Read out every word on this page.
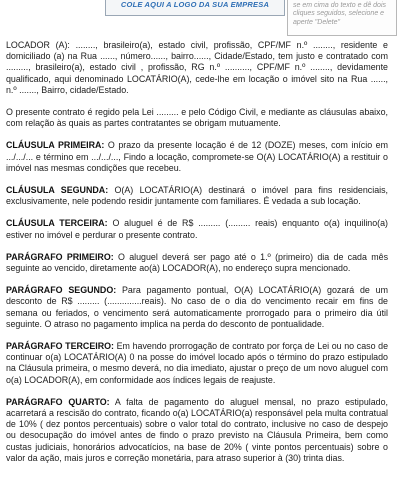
COLE AQUI A LOGO DA SUA EMPRESA	se em cima do texto e dê dois
cliques seguidos, selecione e
aperte "Delete"

LOCADOR (A): ........, brasileiro(a), estado civil, profissão, CPF/MF n.º ........, residente e domiciliado (a) na Rua ......, número......, bairro......, Cidade/Estado, tem justo e contratado com ........., brasileiro(a), estado civil , profissão, RG n.º .........., CPF/MF n.º ........, devidamente qualificado, aqui denominado LOCATÁRIO(A), cede-lhe em locação o imóvel sito na Rua ......, n.º ......., Bairro, cidade/Estado.

O presente contrato é regido pela Lei ......... e pelo Código Civil, e mediante as cláusulas abaixo, com relação às quais as partes contratantes se obrigam mutuamente.

CLÁUSULA PRIMEIRA: O prazo da presente locação é de 12 (DOZE) meses, com início em .../.../... e término em .../.../..., Findo a locação, compromete-se O(A) LOCATÁRIO(A) a restituir o imóvel nas mesmas condições que recebeu.

CLÁUSULA SEGUNDA: O(A) LOCATÁRIO(A) destinará o imóvel para fins residenciais, exclusivamente, nele podendo residir juntamente com familiares. É vedada a sub locação.

CLÁUSULA TERCEIRA: O aluguel é de R$ ......... (......... reais) enquanto o(a) inquilino(a) estiver no imóvel e perdurar o presente contrato.

PARÁGRAFO PRIMEIRO: O aluguel deverá ser pago até o 1.º (primeiro) dia de cada mês seguinte ao vencido, diretamente ao(à) LOCADOR(A), no endereço supra mencionado.

PARÁGRAFO SEGUNDO: Para pagamento pontual, O(A) LOCATÁRIO(A) gozará de um desconto de R$ ......... (..............reais). No caso de o dia do vencimento recair em fins de semana ou feriados, o vencimento será automaticamente prorrogado para o primeiro dia útil seguinte. O atraso no pagamento implica na perda do desconto de pontualidade.

PARÁGRAFO TERCEIRO: Em havendo prorrogação de contrato por força de Lei ou no caso de continuar o(a) LOCATÁRIO(A) 0 na posse do imóvel locado após o término do prazo estipulado na Cláusula primeira, o mesmo deverá, no dia imediato, ajustar o preço de um novo aluguel com o(a) LOCADOR(A), em conformidade aos índices legais de reajuste.

PARÁGRAFO QUARTO: A falta de pagamento do aluguel mensal, no prazo estipulado, acarretará a rescisão do contrato, ficando o(a) LOCATÁRIO(a) responsável pela multa contratual de 10% ( dez pontos percentuais) sobre o valor total do contrato, inclusive no caso de despejo ou desocupação do imóvel antes de findo o prazo previsto na Cláusula Primeira, bem como custas judiciais, honorários advocatícios, na base de 20% ( vinte pontos percentuais) sobre o valor da ação, mais juros e correção monetária, para atraso superior à (30) trinta dias.
